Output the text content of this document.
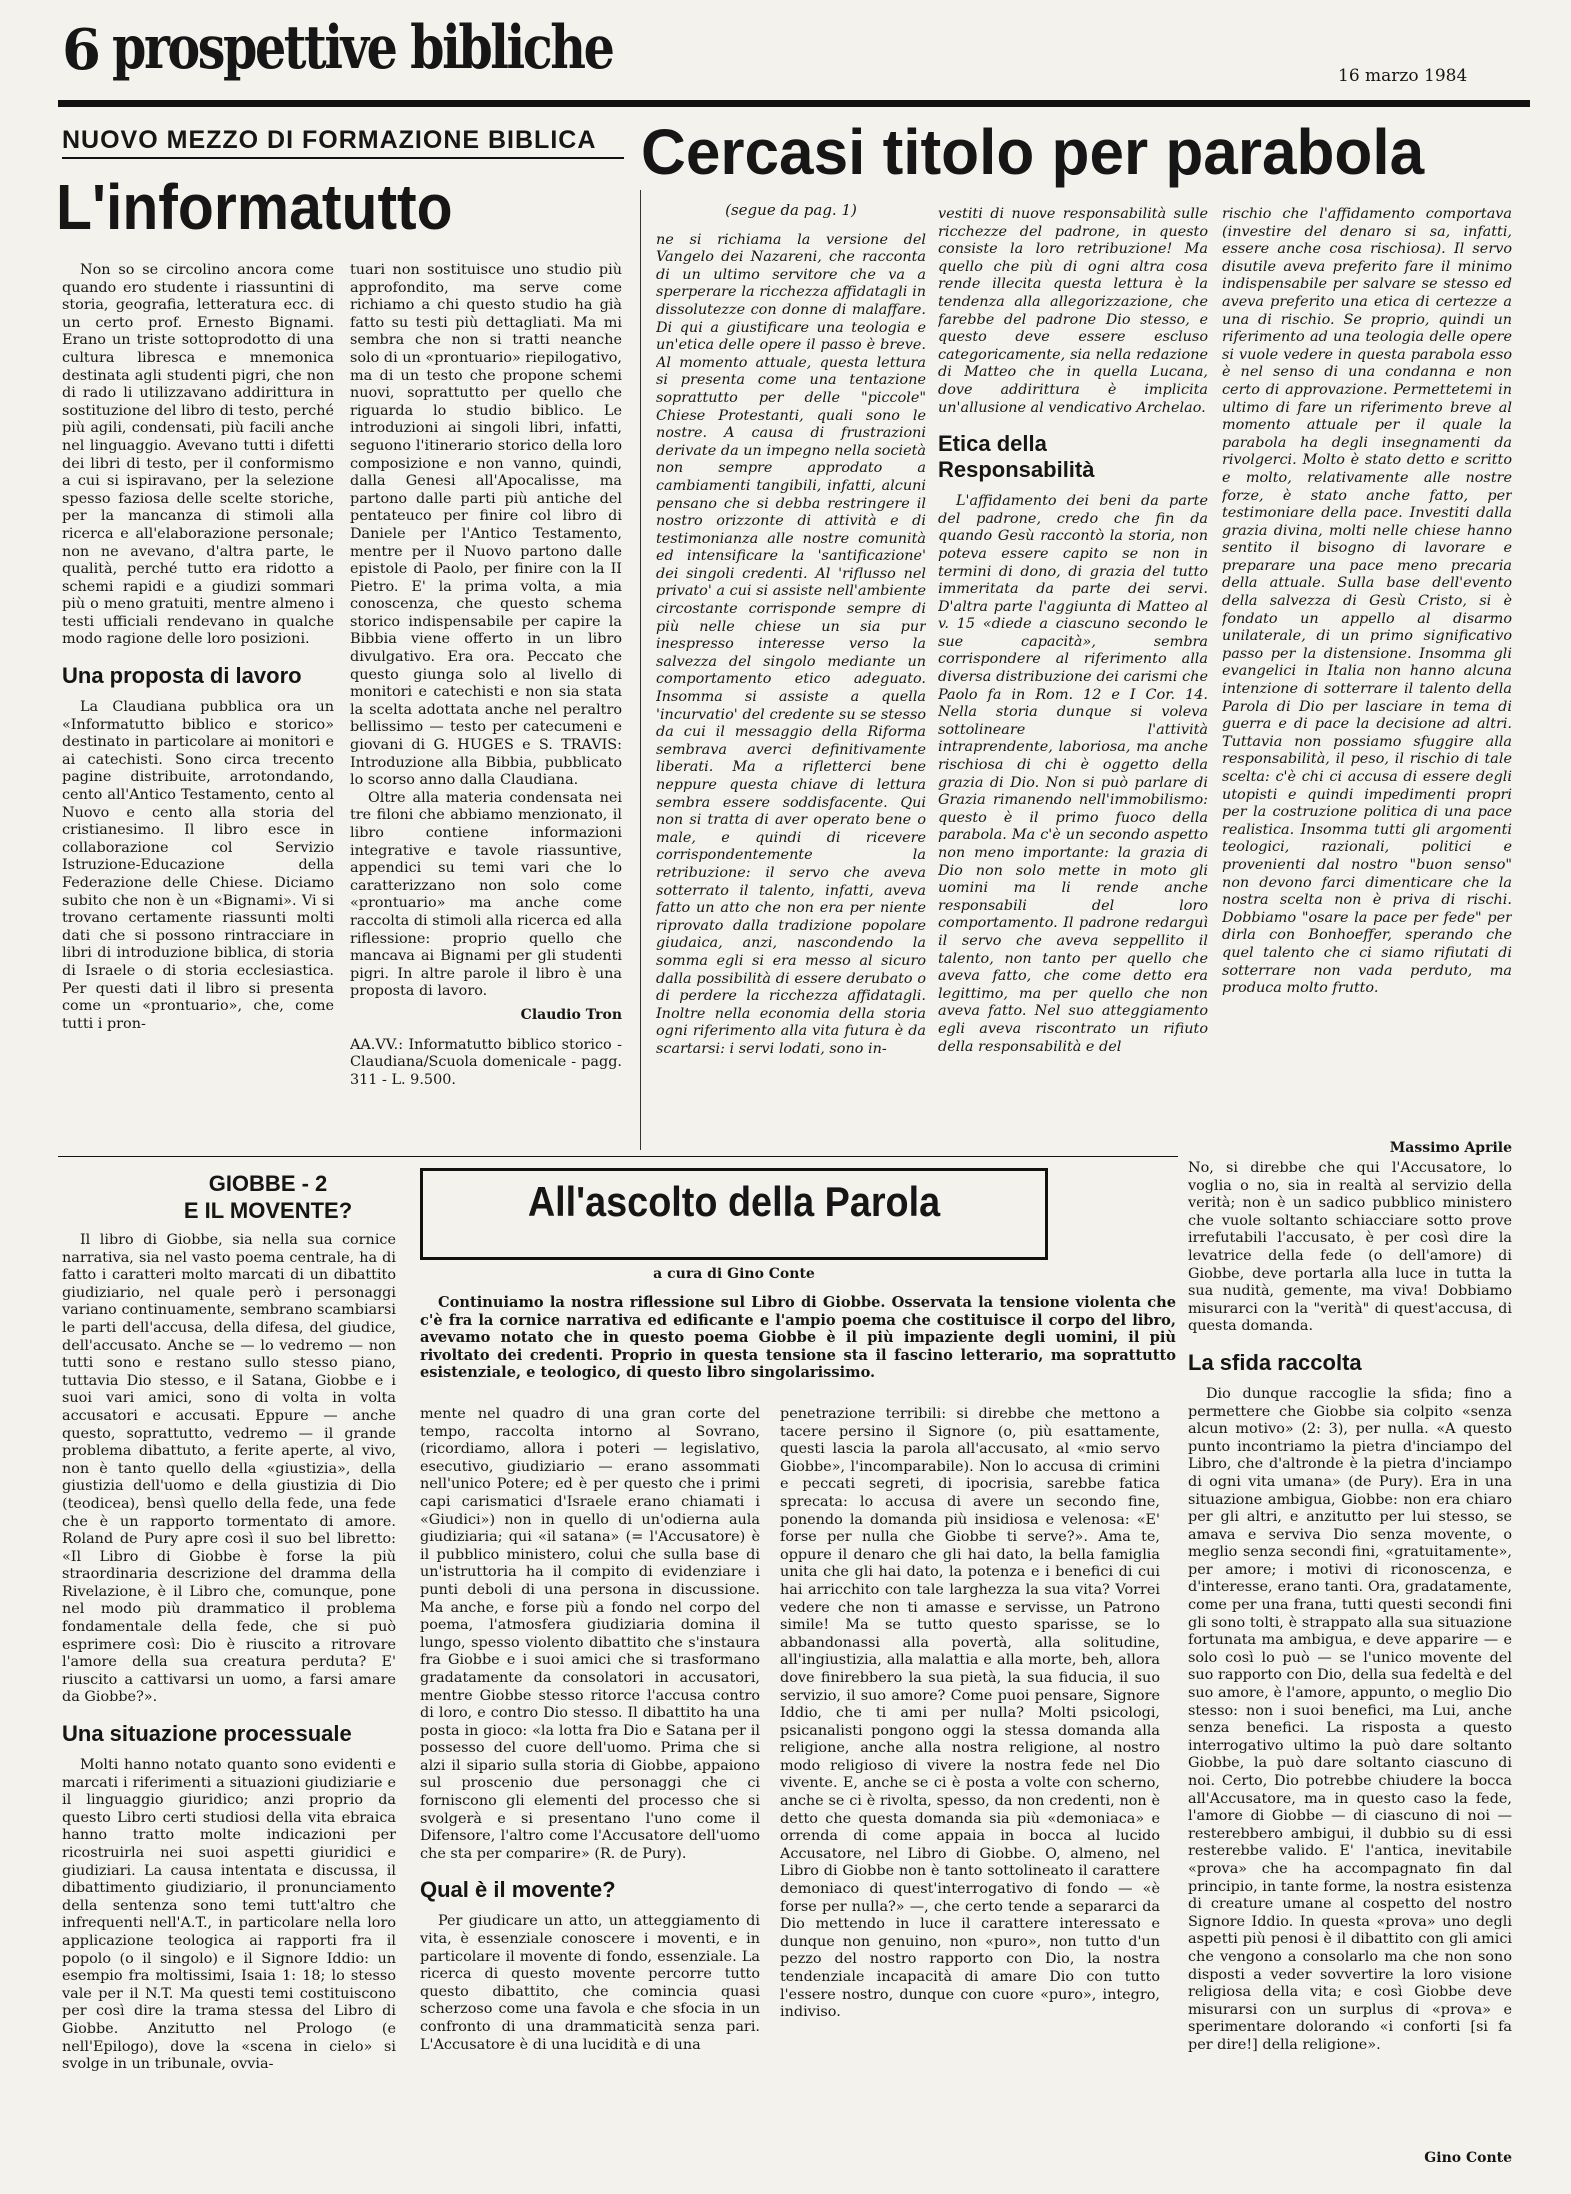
6 prospettive bibliche	16 marzo 1984
NUOVO MEZZO DI FORMAZIONE BIBLICA
L'informatutto

Non so se circolino ancora come quando ero studente i riassuntini di storia, geografia, letteratura ecc. di un certo prof. Ernesto Bignami. Erano un triste sottoprodotto di una cultura libresca e mnemonica destinata agli studenti pigri, che non di rado li utilizzavano addirittura in sostituzione del libro di testo, perché più agili, condensati, più facili anche nel linguaggio. Avevano tutti i difetti dei libri di testo, per il conformismo a cui si ispiravano, per la selezione spesso faziosa delle scelte storiche, per la mancanza di stimoli alla ricerca e all'elaborazione personale; non ne avevano, d'altra parte, le qualità, perché tutto era ridotto a schemi rapidi e a giudizi sommari più o meno gratuiti, mentre almeno i testi ufficiali rendevano in qualche modo ragione delle loro posizioni.

Una proposta di lavoro

La Claudiana pubblica ora un «Informatutto biblico e storico» destinato in particolare ai monitori e ai catechisti. Sono circa trecento pagine distribuite, arrotondando, cento all'Antico Testamento, cento al Nuovo e cento alla storia del cristianesimo. Il libro esce in collaborazione col Servizio Istruzione-Educazione della Federazione delle Chiese. Diciamo subito che non è un «Bignami». Vi si trovano certamente riassunti molti dati che si possono rintracciare in libri di introduzione biblica, di storia di Israele o di storia ecclesiastica. Per questi dati il libro si presenta come un «prontuario», che, come tutti i pron-

tuari non sostituisce uno studio più approfondito, ma serve come richiamo a chi questo studio ha già fatto su testi più dettagliati. Ma mi sembra che non si tratti neanche solo di un «prontuario» riepilogativo, ma di un testo che propone schemi nuovi, soprattutto per quello che riguarda lo studio biblico. Le introduzioni ai singoli libri, infatti, seguono l'itinerario storico della loro composizione e non vanno, quindi, dalla Genesi all'Apocalisse, ma partono dalle parti più antiche del pentateuco per finire col libro di Daniele per l'Antico Testamento, mentre per il Nuovo partono dalle epistole di Paolo, per finire con la II Pietro. E' la prima volta, a mia conoscenza, che questo schema storico indispensabile per capire la Bibbia viene offerto in un libro divulgativo. Era ora. Peccato che questo giunga solo al livello di monitori e catechisti e non sia stata la scelta adottata anche nel peraltro bellissimo — testo per catecumeni e giovani di G. HUGES e S. TRAVIS: Introduzione alla Bibbia, pubblicato lo scorso anno dalla Claudiana.

Oltre alla materia condensata nei tre filoni che abbiamo menzionato, il libro contiene informazioni integrative e tavole riassuntive, appendici su temi vari che lo caratterizzano non solo come «prontuario» ma anche come raccolta di stimoli alla ricerca ed alla riflessione: proprio quello che mancava ai Bignami per gli studenti pigri. In altre parole il libro è una proposta di lavoro.

Claudio Tron

AA.VV.: Informatutto biblico storico - Claudiana/Scuola domenicale - pagg. 311 - L. 9.500.

Cercasi titolo per parabola
(segue da pag. 1)

ne si richiama la versione del Vangelo dei Nazareni, che racconta di un ultimo servitore che va a sperperare la ricchezza affidatagli in dissolutezze con donne di malaffare. Di qui a giustificare una teologia e un'etica delle opere il passo è breve. Al momento attuale, questa lettura si presenta come una tentazione soprattutto per delle "piccole" Chiese Protestanti, quali sono le nostre. A causa di frustrazioni derivate da un impegno nella società non sempre approdato a cambiamenti tangibili, infatti, alcuni pensano che si debba restringere il nostro orizzonte di attività e di testimonianza alle nostre comunità ed intensificare la 'santificazione' dei singoli credenti. Al 'riflusso nel privato' a cui si assiste nell'ambiente circostante corrisponde sempre di più nelle chiese un sia pur inespresso interesse verso la salvezza del singolo mediante un comportamento etico adeguato. Insomma si assiste a quella 'incurvatio' del credente su se stesso da cui il messaggio della Riforma sembrava averci definitivamente liberati. Ma a rifletterci bene neppure questa chiave di lettura sembra essere soddisfacente. Qui non si tratta di aver operato bene o male, e quindi di ricevere corrispondentemente la retribuzione: il servo che aveva sotterrato il talento, infatti, aveva fatto un atto che non era per niente riprovato dalla tradizione popolare giudaica, anzi, nascondendo la somma egli si era messo al sicuro dalla possibilità di essere derubato o di perdere la ricchezza affidatagli. Inoltre nella economia della storia ogni riferimento alla vita futura è da scartarsi: i servi lodati, sono in-

vestiti di nuove responsabilità sulle ricchezze del padrone, in questo consiste la loro retribuzione! Ma quello che più di ogni altra cosa rende illecita questa lettura è la tendenza alla allegorizzazione, che farebbe del padrone Dio stesso, e questo deve essere escluso categoricamente, sia nella redazione di Matteo che in quella Lucana, dove addirittura è implicita un'allusione al vendicativo Archelao.

Etica della Responsabilità

L'affidamento dei beni da parte del padrone, credo che fin da quando Gesù raccontò la storia, non poteva essere capito se non in termini di dono, di grazia del tutto immeritata da parte dei servi. D'altra parte l'aggiunta di Matteo al v. 15 «diede a ciascuno secondo le sue capacità», sembra corrispondere al riferimento alla diversa distribuzione dei carismi che Paolo fa in Rom. 12 e I Cor. 14. Nella storia dunque si voleva sottolineare l'attività intraprendente, laboriosa, ma anche rischiosa di chi è oggetto della grazia di Dio. Non si può parlare di Grazia rimanendo nell'immobilismo: questo è il primo fuoco della parabola. Ma c'è un secondo aspetto non meno importante: la grazia di Dio non solo mette in moto gli uomini ma li rende anche responsabili del loro comportamento. Il padrone redarguì il servo che aveva seppellito il talento, non tanto per quello che aveva fatto, che come detto era legittimo, ma per quello che non aveva fatto. Nel suo atteggiamento egli aveva riscontrato un rifiuto della responsabilità e del

rischio che l'affidamento comportava (investire del denaro si sa, infatti, essere anche cosa rischiosa). Il servo disutile aveva preferito fare il minimo indispensabile per salvare se stesso ed aveva preferito una etica di certezze a una di rischio. Se proprio, quindi un riferimento ad una teologia delle opere si vuole vedere in questa parabola esso è nel senso di una condanna e non certo di approvazione. Permettetemi in ultimo di fare un riferimento breve al momento attuale per il quale la parabola ha degli insegnamenti da rivolgerci. Molto è stato detto e scritto e molto, relativamente alle nostre forze, è stato anche fatto, per testimoniare della pace. Investiti dalla grazia divina, molti nelle chiese hanno sentito il bisogno di lavorare e preparare una pace meno precaria della attuale. Sulla base dell'evento della salvezza di Gesù Cristo, si è fondato un appello al disarmo unilaterale, di un primo significativo passo per la distensione. Insomma gli evangelici in Italia non hanno alcuna intenzione di sotterrare il talento della Parola di Dio per lasciare in tema di guerra e di pace la decisione ad altri. Tuttavia non possiamo sfuggire alla responsabilità, il peso, il rischio di tale scelta: c'è chi ci accusa di essere degli utopisti e quindi impedimenti propri per la costruzione politica di una pace realistica. Insomma tutti gli argomenti teologici, razionali, politici e provenienti dal nostro "buon senso" non devono farci dimenticare che la nostra scelta non è priva di rischi. Dobbiamo "osare la pace per fede" per dirla con Bonhoeffer, sperando che quel talento che ci siamo rifiutati di sotterrare non vada perduto, ma produca molto frutto.

Massimo Aprile
GIOBBE - 2
E IL MOVENTE?	All'ascolto della Parola
a cura di Gino Conte

Continuiamo la nostra riflessione sul Libro di Giobbe. Osservata la tensione violenta che c'è fra la cornice narrativa ed edificante e l'ampio poema che costituisce il corpo del libro, avevamo notato che in questo poema Giobbe è il più impaziente degli uomini, il più rivoltato dei credenti. Proprio in questa tensione sta il fascino letterario, ma soprattutto esistenziale, e teologico, di questo libro singolarissimo.

Il libro di Giobbe, sia nella sua cornice narrativa, sia nel vasto poema centrale, ha di fatto i caratteri molto marcati di un dibattito giudiziario, nel quale però i personaggi variano continuamente, sembrano scambiarsi le parti dell'accusa, della difesa, del giudice, dell'accusato. Anche se — lo vedremo — non tutti sono e restano sullo stesso piano, tuttavia Dio stesso, e il Satana, Giobbe e i suoi vari amici, sono di volta in volta accusatori e accusati. Eppure — anche questo, soprattutto, vedremo — il grande problema dibattuto, a ferite aperte, al vivo, non è tanto quello della «giustizia», della giustizia dell'uomo e della giustizia di Dio (teodicea), bensì quello della fede, una fede che è un rapporto tormentato di amore. Roland de Pury apre così il suo bel libretto: «Il Libro di Giobbe è forse la più straordinaria descrizione del dramma della Rivelazione, è il Libro che, comunque, pone nel modo più drammatico il problema fondamentale della fede, che si può esprimere così: Dio è riuscito a ritrovare l'amore della sua creatura perduta? E' riuscito a cattivarsi un uomo, a farsi amare da Giobbe?».

Una situazione processuale

Molti hanno notato quanto sono evidenti e marcati i riferimenti a situazioni giudiziarie e il linguaggio giuridico; anzi proprio da questo Libro certi studiosi della vita ebraica hanno tratto molte indicazioni per ricostruirla nei suoi aspetti giuridici e giudiziari. La causa intentata e discussa, il dibattimento giudiziario, il pronunciamento della sentenza sono temi tutt'altro che infrequenti nell'A.T., in particolare nella loro applicazione teologica ai rapporti fra il popolo (o il singolo) e il Signore Iddio: un esempio fra moltissimi, Isaia 1: 18; lo stesso vale per il N.T. Ma questi temi costituiscono per così dire la trama stessa del Libro di Giobbe. Anzitutto nel Prologo (e nell'Epilogo), dove la «scena in cielo» si svolge in un tribunale, ovvia-

mente nel quadro di una gran corte del tempo, raccolta intorno al Sovrano, (ricordiamo, allora i poteri — legislativo, esecutivo, giudiziario — erano assommati nell'unico Potere; ed è per questo che i primi capi carismatici d'Israele erano chiamati i «Giudici») non in quello di un'odierna aula giudiziaria; qui «il satana» (= l'Accusatore) è il pubblico ministero, colui che sulla base di un'istruttoria ha il compito di evidenziare i punti deboli di una persona in discussione. Ma anche, e forse più a fondo nel corpo del poema, l'atmosfera giudiziaria domina il lungo, spesso violento dibattito che s'instaura fra Giobbe e i suoi amici che si trasformano gradatamente da consolatori in accusatori, mentre Giobbe stesso ritorce l'accusa contro di loro, e contro Dio stesso. Il dibattito ha una posta in gioco: «la lotta fra Dio e Satana per il possesso del cuore dell'uomo. Prima che si alzi il sipario sulla storia di Giobbe, appaiono sul proscenio due personaggi che ci forniscono gli elementi del processo che si svolgerà e si presentano l'uno come il Difensore, l'altro come l'Accusatore dell'uomo che sta per comparire» (R. de Pury).

Qual è il movente?

Per giudicare un atto, un atteggiamento di vita, è essenziale conoscere i moventi, e in particolare il movente di fondo, essenziale. La ricerca di questo movente percorre tutto questo dibattito, che comincia quasi scherzoso come una favola e che sfocia in un confronto di una drammaticità senza pari. L'Accusatore è di una lucidità e di una

penetrazione terribili: si direbbe che mettono a tacere persino il Signore (o, più esattamente, questi lascia la parola all'accusato, al «mio servo Giobbe», l'incomparabile). Non lo accusa di crimini e peccati segreti, di ipocrisia, sarebbe fatica sprecata: lo accusa di avere un secondo fine, ponendo la domanda più insidiosa e velenosa: «E' forse per nulla che Giobbe ti serve?». Ama te, oppure il denaro che gli hai dato, la bella famiglia unita che gli hai dato, la potenza e i benefici di cui hai arricchito con tale larghezza la sua vita? Vorrei vedere che non ti amasse e servisse, un Patrono simile! Ma se tutto questo sparisse, se lo abbandonassi alla povertà, alla solitudine, all'ingiustizia, alla malattia e alla morte, beh, allora dove finirebbero la sua pietà, la sua fiducia, il suo servizio, il suo amore? Come puoi pensare, Signore Iddio, che ti ami per nulla? Molti psicologi, psicanalisti pongono oggi la stessa domanda alla religione, anche alla nostra religione, al nostro modo religioso di vivere la nostra fede nel Dio vivente. E, anche se ci è posta a volte con scherno, anche se ci è rivolta, spesso, da non credenti, non è detto che questa domanda sia più «demoniaca» e orrenda di come appaia in bocca al lucido Accusatore, nel Libro di Giobbe. O, almeno, nel Libro di Giobbe non è tanto sottolineato il carattere demoniaco di quest'interrogativo di fondo — «è forse per nulla?» —, che certo tende a separarci da Dio mettendo in luce il carattere interessato e dunque non genuino, non «puro», non tutto d'un pezzo del nostro rapporto con Dio, la nostra tendenziale incapacità di amare Dio con tutto l'essere nostro, dunque con cuore «puro», integro, indiviso.

No, si direbbe che qui l'Accusatore, lo voglia o no, sia in realtà al servizio della verità; non è un sadico pubblico ministero che vuole soltanto schiacciare sotto prove irrefutabili l'accusato, è per così dire la levatrice della fede (o dell'amore) di Giobbe, deve portarla alla luce in tutta la sua nudità, gemente, ma viva! Dobbiamo misurarci con la "verità" di quest'accusa, di questa domanda.

La sfida raccolta

Dio dunque raccoglie la sfida; fino a permettere che Giobbe sia colpito «senza alcun motivo» (2: 3), per nulla. «A questo punto incontriamo la pietra d'inciampo del Libro, che d'altronde è la pietra d'inciampo di ogni vita umana» (de Pury). Era in una situazione ambigua, Giobbe: non era chiaro per gli altri, e anzitutto per lui stesso, se amava e serviva Dio senza movente, o meglio senza secondi fini, «gratuitamente», per amore; i motivi di riconoscenza, e d'interesse, erano tanti. Ora, gradatamente, come per una frana, tutti questi secondi fini gli sono tolti, è strappato alla sua situazione fortunata ma ambigua, e deve apparire — e solo così lo può — se l'unico movente del suo rapporto con Dio, della sua fedeltà e del suo amore, è l'amore, appunto, o meglio Dio stesso: non i suoi benefici, ma Lui, anche senza benefici. La risposta a questo interrogativo ultimo la può dare soltanto Giobbe, la può dare soltanto ciascuno di noi. Certo, Dio potrebbe chiudere la bocca all'Accusatore, ma in questo caso la fede, l'amore di Giobbe — di ciascuno di noi — resterebbero ambigui, il dubbio su di essi resterebbe valido. E' l'antica, inevitabile «prova» che ha accompagnato fin dal principio, in tante forme, la nostra esistenza di creature umane al cospetto del nostro Signore Iddio. In questa «prova» uno degli aspetti più penosi è il dibattito con gli amici che vengono a consolarlo ma che non sono disposti a veder sovvertire la loro visione religiosa della vita; e così Giobbe deve misurarsi con un surplus di «prova» e sperimentare dolorando «i conforti [si fa per dire!] della religione».

Gino Conte
